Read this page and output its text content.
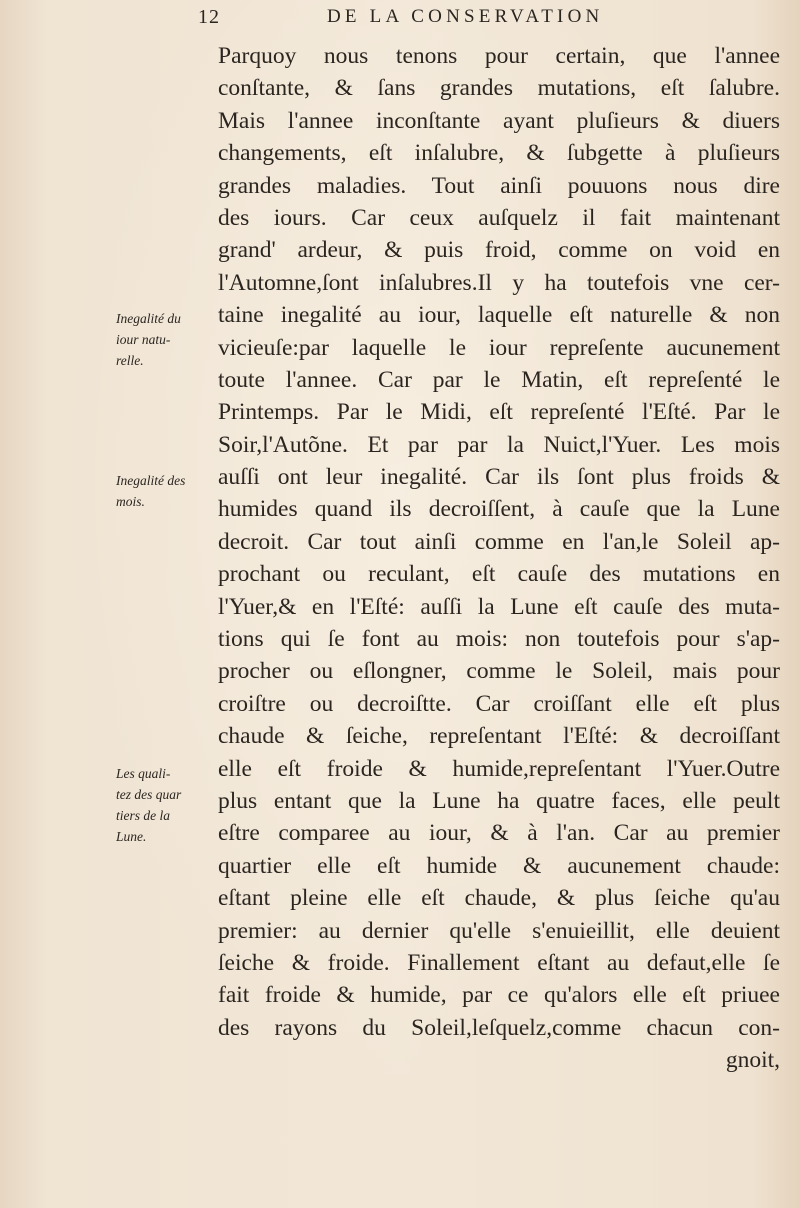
12	DE LA CONSERVATION
Inegalité du
iour natu-
relle.
Inegalité des
mois.
Les quali-
tez des quar
tiers de la
Lune.
Parquoy nous tenons pour certain, que l'annee
conſtante, & ſans grandes mutations, eſt ſalubre.
Mais l'annee inconſtante ayant pluſieurs & diuers
changements, eſt inſalubre, & ſubgette à pluſieurs
grandes maladies. Tout ainſi pouuons nous dire
des iours. Car ceux auſquelz il fait maintenant
grand' ardeur, & puis froid, comme on void en
l'Automne,ſont inſalubres.Il y ha toutefois vne cer-
taine inegalité au iour, laquelle eſt naturelle & non
vicieuſe:par laquelle le iour repreſente aucunement
toute l'annee. Car par le Matin, eſt repreſenté le
Printemps. Par le Midi, eſt repreſenté l'Eſté. Par le
Soir,l'Autõne. Et par par la Nuict,l'Yuer. Les mois
auſſi ont leur inegalité. Car ils ſont plus froids &
humides quand ils decroiſſent, à cauſe que la Lune
decroit. Car tout ainſi comme en l'an,le Soleil ap-
prochant ou reculant, eſt cauſe des mutations en
l'Yuer,& en l'Eſté: auſſi la Lune eſt cauſe des muta-
tions qui ſe font au mois: non toutefois pour s'ap-
procher ou eſlongner, comme le Soleil, mais pour
croiſtre ou decroiſtte. Car croiſſant elle eſt plus
chaude & ſeiche, repreſentant l'Eſté: & decroiſſant
elle eſt froide & humide,repreſentant l'Yuer.Outre
plus entant que la Lune ha quatre faces, elle peult
eſtre comparee au iour, & à l'an. Car au premier
quartier elle eſt humide & aucunement chaude:
eſtant pleine elle eſt chaude, & plus ſeiche qu'au
premier: au dernier qu'elle s'enuieillit, elle deuient
ſeiche & froide. Finallement eſtant au defaut,elle ſe
fait froide & humide, par ce qu'alors elle eſt priuee
des rayons du Soleil,leſquelz,comme chacun con-
gnoit,
